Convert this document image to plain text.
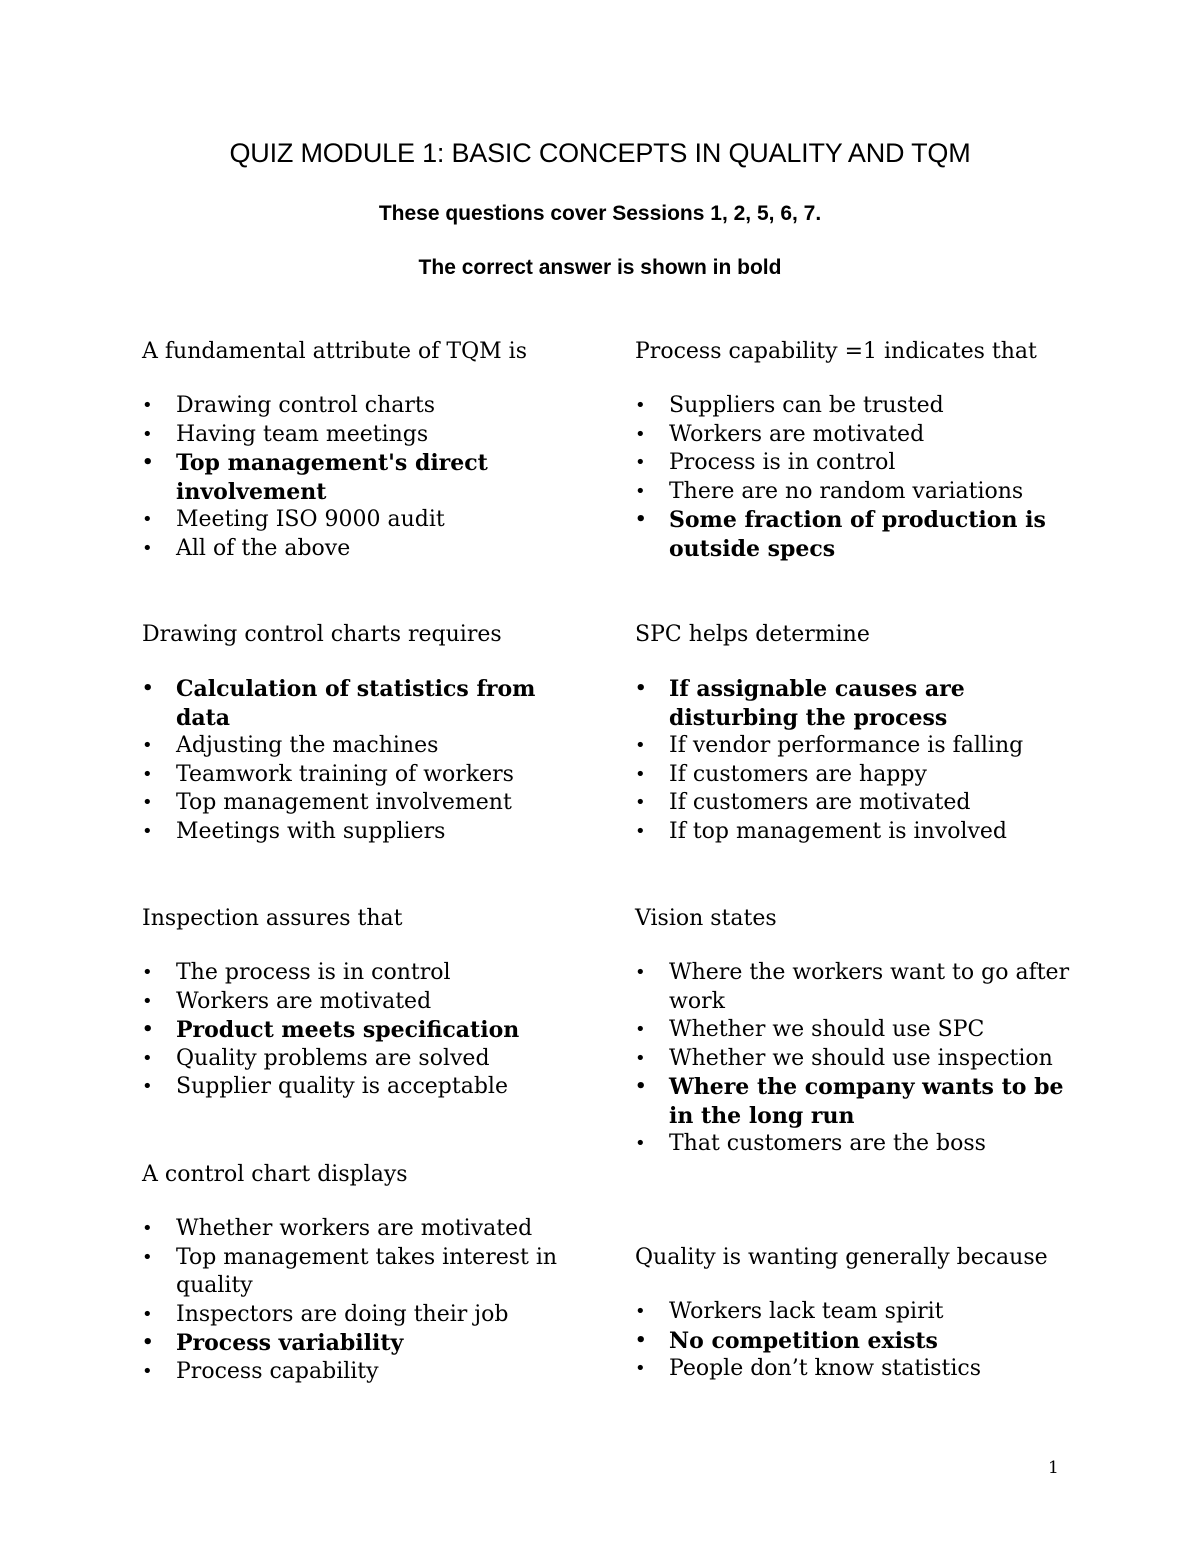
QUIZ MODULE 1: BASIC CONCEPTS IN QUALITY AND TQM
These questions cover Sessions 1, 2, 5, 6, 7.
The correct answer is shown in bold

A fundamental attribute of TQM is

•	Drawing control charts
•	Having team meetings
•	Top management's direct involvement
•	Meeting ISO 9000 audit
•	All of the above

Drawing control charts requires

•	Calculation of statistics from data
•	Adjusting the machines
•	Teamwork training of workers
•	Top management involvement
•	Meetings with suppliers

Inspection assures that

•	The process is in control
•	Workers are motivated
•	Product meets specification
•	Quality problems are solved
•	Supplier quality is acceptable

A control chart displays

•	Whether workers are motivated
•	Top management takes interest in quality
•	Inspectors are doing their job
•	Process variability
•	Process capability

Process capability =1 indicates that

•	Suppliers can be trusted
•	Workers are motivated
•	Process is in control
•	There are no random variations
•	Some fraction of production is outside specs

SPC helps determine

•	If assignable causes are disturbing the process
•	If vendor performance is falling
•	If customers are happy
•	If customers are motivated
•	If top management is involved

Vision states

•	Where the workers want to go after work
•	Whether we should use SPC
•	Whether we should use inspection
•	Where the company wants to be in the long run
•	That customers are the boss

Quality is wanting generally because

•	Workers lack team spirit
•	No competition exists
•	People don’t know statistics
1
